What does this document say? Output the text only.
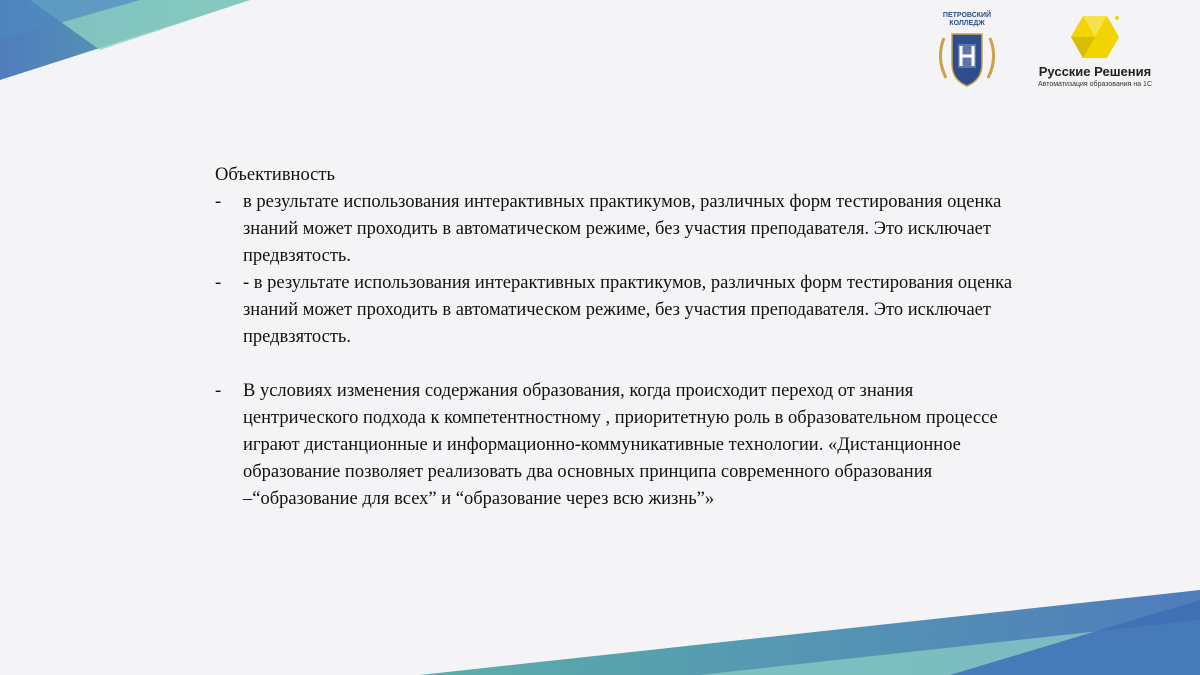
ПЕТРОВСКИЙ
КОЛЛЕДЖ
Русские Решения
Автоматизация образования на 1С

Объективность

- в результате использования интерактивных практикумов, различных форм тестирования оценка знаний может проходить в автоматическом режиме, без участия преподавателя. Это исключает предвзятость.

- - в результате использования интерактивных практикумов, различных форм тестирования оценка знаний может проходить в автоматическом режиме, без участия преподавателя. Это исключает предвзятость.

- В условиях изменения содержания образования, когда происходит переход от знания центрического подхода к компетентностному , приоритетную роль в образовательном процессе играют дистанционные и информационно-коммуникативные технологии. «Дистанционное образование позволяет реализовать два основных принципа современного образования –“образование для всех” и “образование через всю жизнь”»
